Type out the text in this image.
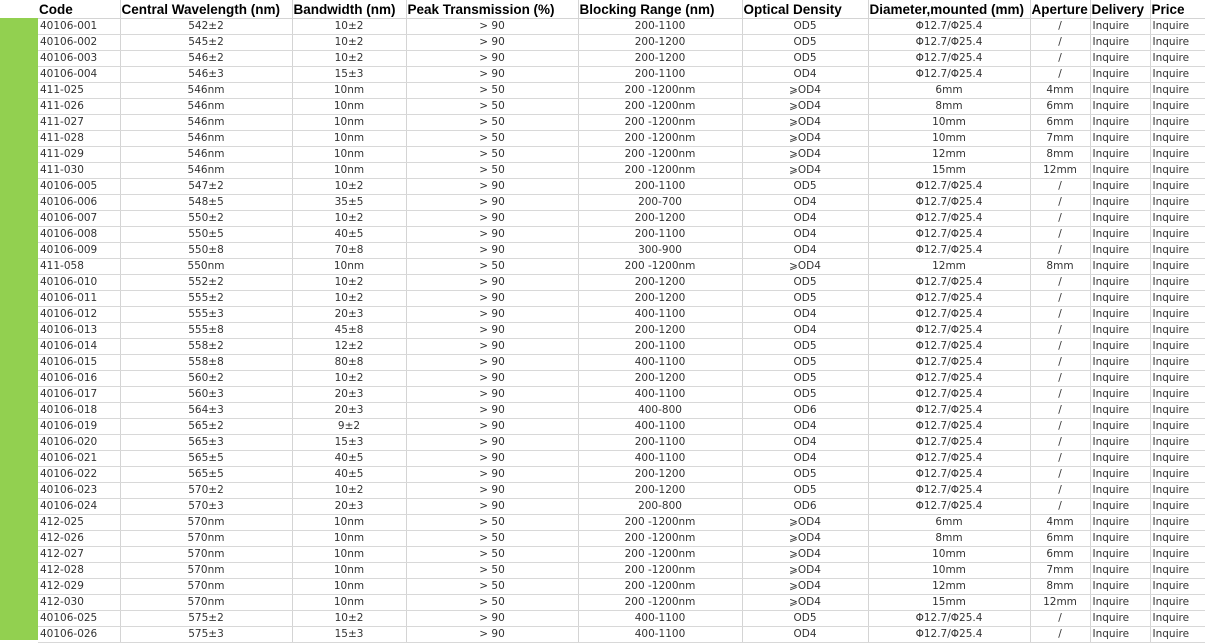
Code	Central Wavelength (nm)	Bandwidth (nm)	Peak Transmission (%)	Blocking Range (nm)	Optical Density	Diameter,mounted (mm)	Aperture	Delivery	Price
40106-001	542±2	10±2	> 90	200-1100	OD5	Φ12.7/Φ25.4	/	Inquire	Inquire
40106-002	545±2	10±2	> 90	200-1200	OD5	Φ12.7/Φ25.4	/	Inquire	Inquire
40106-003	546±2	10±2	> 90	200-1200	OD5	Φ12.7/Φ25.4	/	Inquire	Inquire
40106-004	546±3	15±3	> 90	200-1100	OD4	Φ12.7/Φ25.4	/	Inquire	Inquire
411-025	546nm	10nm	> 50	200 -1200nm	⩾OD4	6mm	4mm	Inquire	Inquire
411-026	546nm	10nm	> 50	200 -1200nm	⩾OD4	8mm	6mm	Inquire	Inquire
411-027	546nm	10nm	> 50	200 -1200nm	⩾OD4	10mm	6mm	Inquire	Inquire
411-028	546nm	10nm	> 50	200 -1200nm	⩾OD4	10mm	7mm	Inquire	Inquire
411-029	546nm	10nm	> 50	200 -1200nm	⩾OD4	12mm	8mm	Inquire	Inquire
411-030	546nm	10nm	> 50	200 -1200nm	⩾OD4	15mm	12mm	Inquire	Inquire
40106-005	547±2	10±2	> 90	200-1100	OD5	Φ12.7/Φ25.4	/	Inquire	Inquire
40106-006	548±5	35±5	> 90	200-700	OD4	Φ12.7/Φ25.4	/	Inquire	Inquire
40106-007	550±2	10±2	> 90	200-1200	OD4	Φ12.7/Φ25.4	/	Inquire	Inquire
40106-008	550±5	40±5	> 90	200-1100	OD4	Φ12.7/Φ25.4	/	Inquire	Inquire
40106-009	550±8	70±8	> 90	300-900	OD4	Φ12.7/Φ25.4	/	Inquire	Inquire
411-058	550nm	10nm	> 50	200 -1200nm	⩾OD4	12mm	8mm	Inquire	Inquire
40106-010	552±2	10±2	> 90	200-1200	OD5	Φ12.7/Φ25.4	/	Inquire	Inquire
40106-011	555±2	10±2	> 90	200-1200	OD5	Φ12.7/Φ25.4	/	Inquire	Inquire
40106-012	555±3	20±3	> 90	400-1100	OD4	Φ12.7/Φ25.4	/	Inquire	Inquire
40106-013	555±8	45±8	> 90	200-1200	OD4	Φ12.7/Φ25.4	/	Inquire	Inquire
40106-014	558±2	12±2	> 90	200-1100	OD5	Φ12.7/Φ25.4	/	Inquire	Inquire
40106-015	558±8	80±8	> 90	400-1100	OD5	Φ12.7/Φ25.4	/	Inquire	Inquire
40106-016	560±2	10±2	> 90	200-1200	OD5	Φ12.7/Φ25.4	/	Inquire	Inquire
40106-017	560±3	20±3	> 90	400-1100	OD5	Φ12.7/Φ25.4	/	Inquire	Inquire
40106-018	564±3	20±3	> 90	400-800	OD6	Φ12.7/Φ25.4	/	Inquire	Inquire
40106-019	565±2	9±2	> 90	400-1100	OD4	Φ12.7/Φ25.4	/	Inquire	Inquire
40106-020	565±3	15±3	> 90	200-1100	OD4	Φ12.7/Φ25.4	/	Inquire	Inquire
40106-021	565±5	40±5	> 90	400-1100	OD4	Φ12.7/Φ25.4	/	Inquire	Inquire
40106-022	565±5	40±5	> 90	200-1200	OD5	Φ12.7/Φ25.4	/	Inquire	Inquire
40106-023	570±2	10±2	> 90	200-1200	OD5	Φ12.7/Φ25.4	/	Inquire	Inquire
40106-024	570±3	20±3	> 90	200-800	OD6	Φ12.7/Φ25.4	/	Inquire	Inquire
412-025	570nm	10nm	> 50	200 -1200nm	⩾OD4	6mm	4mm	Inquire	Inquire
412-026	570nm	10nm	> 50	200 -1200nm	⩾OD4	8mm	6mm	Inquire	Inquire
412-027	570nm	10nm	> 50	200 -1200nm	⩾OD4	10mm	6mm	Inquire	Inquire
412-028	570nm	10nm	> 50	200 -1200nm	⩾OD4	10mm	7mm	Inquire	Inquire
412-029	570nm	10nm	> 50	200 -1200nm	⩾OD4	12mm	8mm	Inquire	Inquire
412-030	570nm	10nm	> 50	200 -1200nm	⩾OD4	15mm	12mm	Inquire	Inquire
40106-025	575±2	10±2	> 90	400-1100	OD5	Φ12.7/Φ25.4	/	Inquire	Inquire
40106-026	575±3	15±3	> 90	400-1100	OD4	Φ12.7/Φ25.4	/	Inquire	Inquire
